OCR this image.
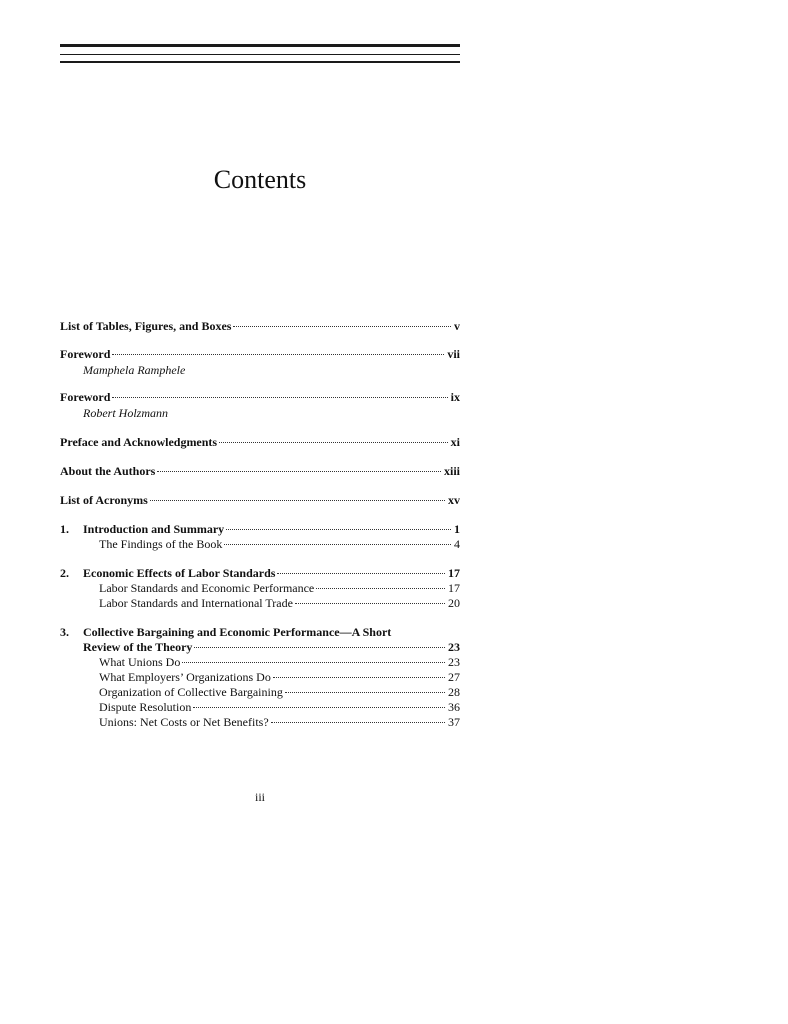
Contents
List of Tables, Figures, and Boxes	v
Foreword	vii
Mamphela Ramphele
Foreword	ix
Robert Holzmann
Preface and Acknowledgments	xi
About the Authors	xiii
List of Acronyms	xv
1. Introduction and Summary	1
The Findings of the Book	4
2. Economic Effects of Labor Standards	17
Labor Standards and Economic Performance	17
Labor Standards and International Trade	20
3. Collective Bargaining and Economic Performance—A Short
Review of the Theory	23
What Unions Do	23
What Employers’ Organizations Do	27
Organization of Collective Bargaining	28
Dispute Resolution	36
Unions: Net Costs or Net Benefits?	37
iii
